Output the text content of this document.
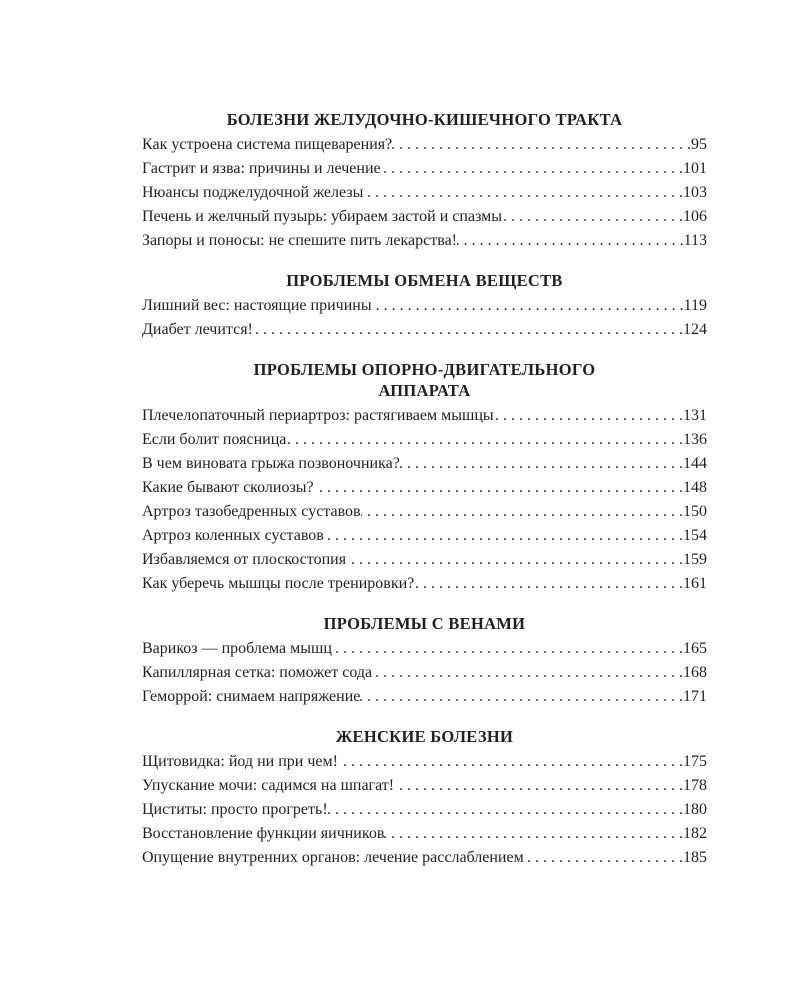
БОЛЕЗНИ ЖЕЛУДОЧНО-КИШЕЧНОГО ТРАКТА
Как устроена система пищеварения? . . .	95
Гастрит и язва: причины и лечение . . .	101
Нюансы поджелудочной железы . . .	103
Печень и желчный пузырь: убираем застой и спазмы . . .	106
Запоры и поносы: не спешите пить лекарства! . . .	113
ПРОБЛЕМЫ ОБМЕНА ВЕЩЕСТВ
Лишний вес: настоящие причины . . .	119
Диабет лечится! . . .	124
ПРОБЛЕМЫ ОПОРНО-ДВИГАТЕЛЬНОГО АППАРАТА
Плечелопаточный периартроз: растягиваем мышцы . . .	131
Если болит поясница . . .	136
В чем виновата грыжа позвоночника? . . .	144
Какие бывают сколиозы? . . .	148
Артроз тазобедренных суставов . . .	150
Артроз коленных суставов . . .	154
Избавляемся от плоскостопия . . .	159
Как уберечь мышцы после тренировки? . . .	161
ПРОБЛЕМЫ С ВЕНАМИ
Варикоз — проблема мышц . . .	165
Капиллярная сетка: поможет сода . . .	168
Геморрой: снимаем напряжение . . .	171
ЖЕНСКИЕ БОЛЕЗНИ
Щитовидка: йод ни при чем! . . .	175
Упускание мочи: садимся на шпагат! . . .	178
Циститы: просто прогреть! . . .	180
Восстановление функции яичников . . .	182
Опущение внутренних органов: лечение расслаблением . . .	185
